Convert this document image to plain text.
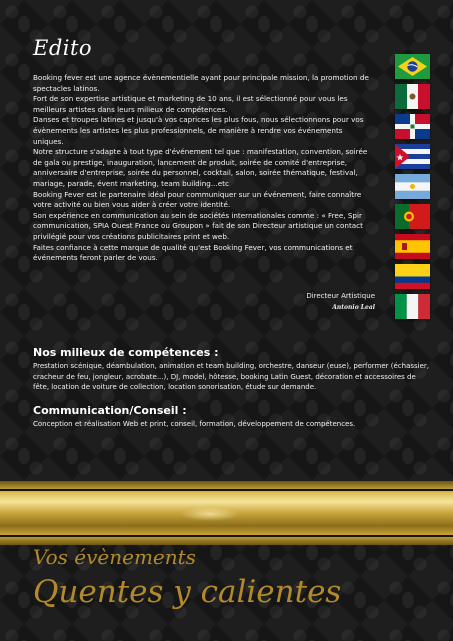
Edito

Booking fever est une agence évènementielle ayant pour principale mission, la promotion de spectacles latinos.

Fort de son expertise artistique et marketing de 10 ans, il est sélectionné pour vous les meilleurs artistes dans leurs milieux de compétences.

Danses et troupes latines et jusqu'à vos caprices les plus fous, nous sélectionnons pour vos évènements les artistes les plus professionnels, de manière à rendre vos événements uniques.

Notre structure s'adapte à tout type d'événement tel que : manifestation, convention, soirée de gala ou prestige, inauguration, lancement de produit, soirée de comité d'entreprise, anniversaire d'entreprise, soirée du personnel, cocktail, salon, soirée thématique, festival, mariage, parade, évent marketing, team building...etc

Booking Fever est le partenaire idéal pour communiquer sur un événement, faire connaître votre activité ou bien vous aider à créer votre identité.

Son expérience en communication au sein de sociétés internationales comme : « Free, Spir communication, SPIA Ouest France ou Groupon » fait de son Directeur artistique un contact privilégié pour vos créations publicitaires print et web.

Faites confiance à cette marque de qualité qu'est Booking Fever, vos communications et événements feront parler de vous.

Directeur Artistique
Antonio Leal
Nos milieux de compétences :
Prestation scénique, déambulation, animation et team building, orchestre, danseur (euse), performer (échassier, cracheur de feu, jongleur, acrobate...), DJ, model, hôtesse, booking Latin Guest, décoration et accessoires de fête, location de voiture de collection, location sonorisation, étude sur demande.
Communication/Conseil :
Conception et réalisation Web et print, conseil, formation, développement de compétences.
Vos évènements
Quentes y calientes
